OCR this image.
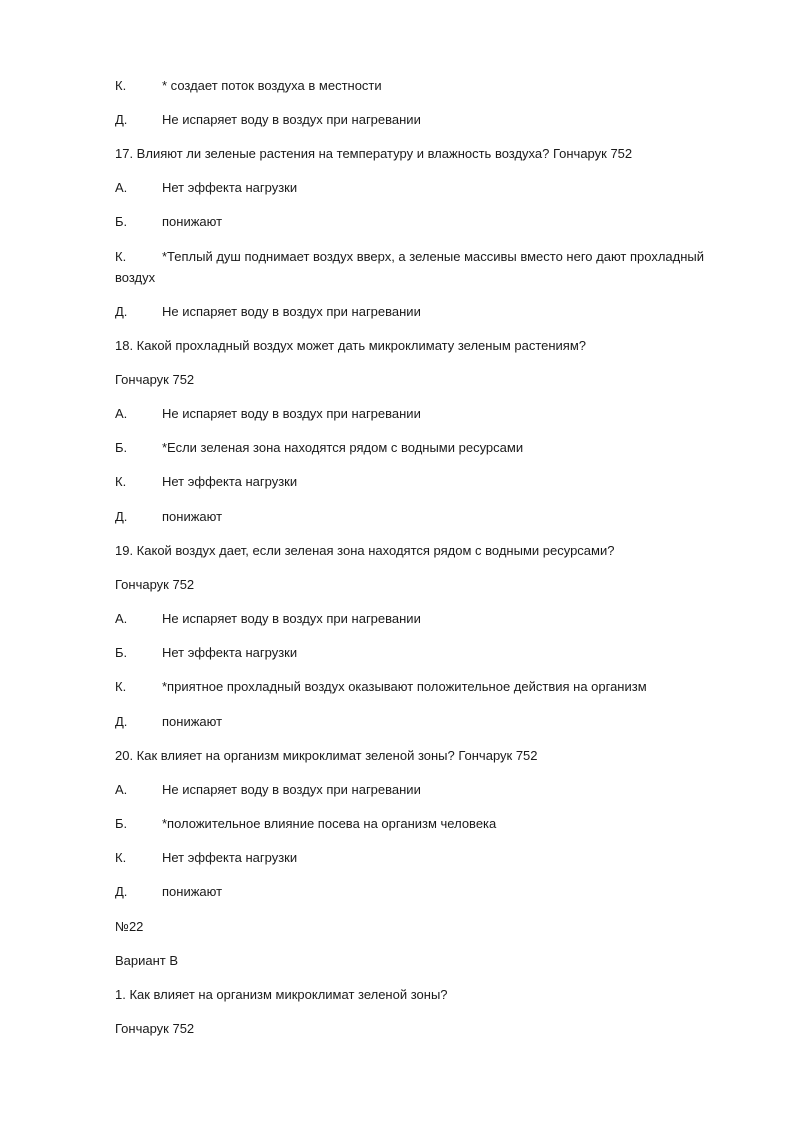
К.	* создает поток воздуха в местности
Д.	Не испаряет воду в воздух при нагревании
17. Влияют ли зеленые растения на температуру и влажность воздуха? Гончарук 752
А.	Нет эффекта нагрузки
Б.	понижают
К.	*Теплый душ поднимает воздух вверх, а зеленые массивы вместо него дают прохладный воздух
Д.	Не испаряет воду в воздух при нагревании
18. Какой прохладный воздух может дать микроклимату зеленым растениям?
Гончарук 752
А.	Не испаряет воду в воздух при нагревании
Б.	*Если зеленая зона находятся рядом с водными ресурсами
К.	Нет эффекта нагрузки
Д.	понижают
19. Какой воздух дает, если зеленая зона находятся рядом с водными ресурсами?
Гончарук 752
А.	Не испаряет воду в воздух при нагревании
Б.	Нет эффекта нагрузки
К.	*приятное прохладный воздух оказывают положительное действия на организм
Д.	понижают
20. Как влияет на организм микроклимат зеленой зоны? Гончарук 752
А.	Не испаряет воду в воздух при нагревании
Б.	*положительное влияние посева на организм человека
К.	Нет эффекта нагрузки
Д.	понижают
№22
Вариант В
1. Как влияет на организм микроклимат зеленой зоны?
Гончарук 752
